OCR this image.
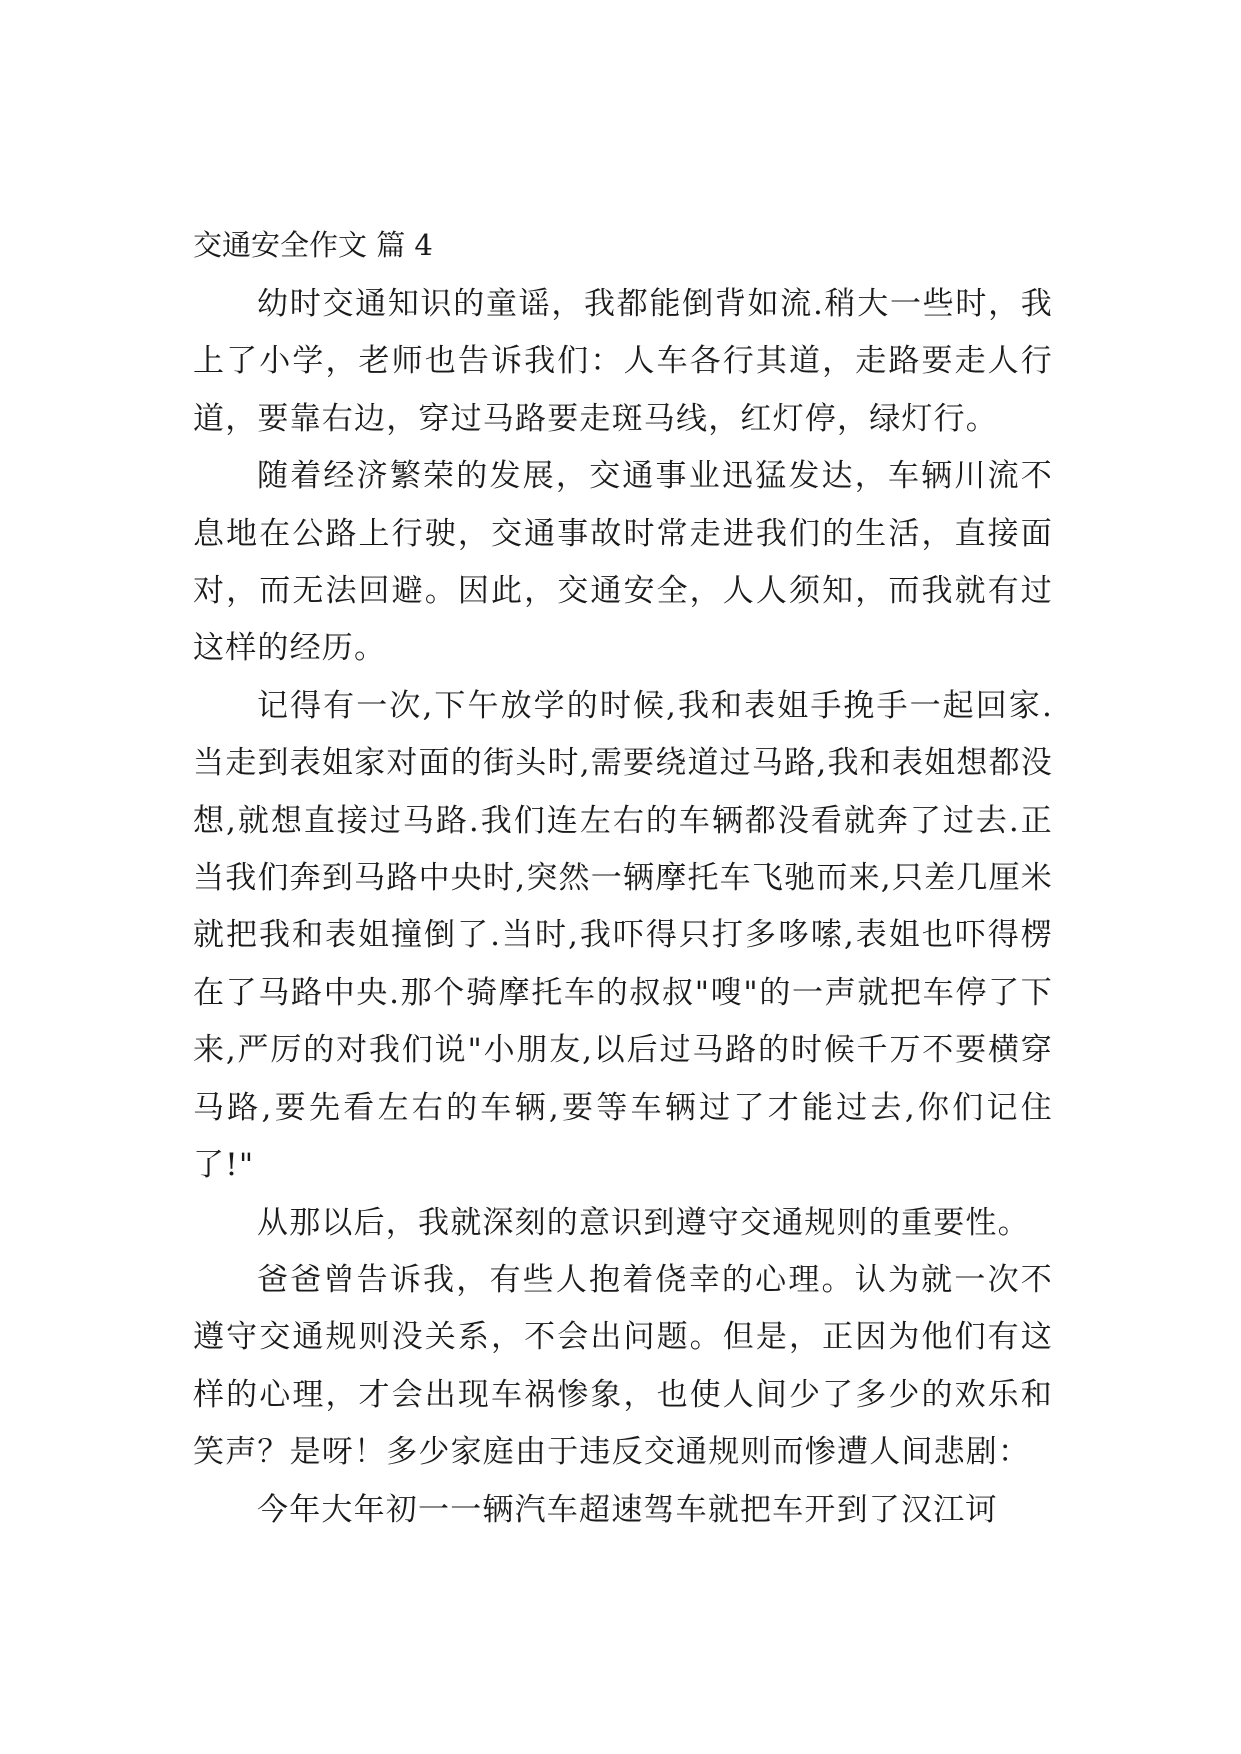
交通安全作文 篇 4

幼时交通知识的童谣，我都能倒背如流.稍大一些时，我上了小学，老师也告诉我们：人车各行其道，走路要走人行道，要靠右边，穿过马路要走斑马线，红灯停，绿灯行。

随着经济繁荣的发展，交通事业迅猛发达，车辆川流不息地在公路上行驶，交通事故时常走进我们的生活，直接面对，而无法回避。因此，交通安全，人人须知，而我就有过这样的经历。

记得有一次,下午放学的时候,我和表姐手挽手一起回家.当走到表姐家对面的街头时,需要绕道过马路,我和表姐想都没想,就想直接过马路.我们连左右的车辆都没看就奔了过去.正当我们奔到马路中央时,突然一辆摩托车飞驰而来,只差几厘米就把我和表姐撞倒了.当时,我吓得只打多哆嗦,表姐也吓得楞在了马路中央.那个骑摩托车的叔叔"嗖"的一声就把车停了下来,严厉的对我们说"小朋友,以后过马路的时候千万不要横穿马路,要先看左右的车辆,要等车辆过了才能过去,你们记住了!"

从那以后，我就深刻的意识到遵守交通规则的重要性。

爸爸曾告诉我，有些人抱着侥幸的心理。认为就一次不遵守交通规则没关系，不会出问题。但是，正因为他们有这样的心理，才会出现车祸惨象，也使人间少了多少的欢乐和笑声？是呀！多少家庭由于违反交通规则而惨遭人间悲剧：

今年大年初一一辆汽车超速驾车就把车开到了汉江诃
